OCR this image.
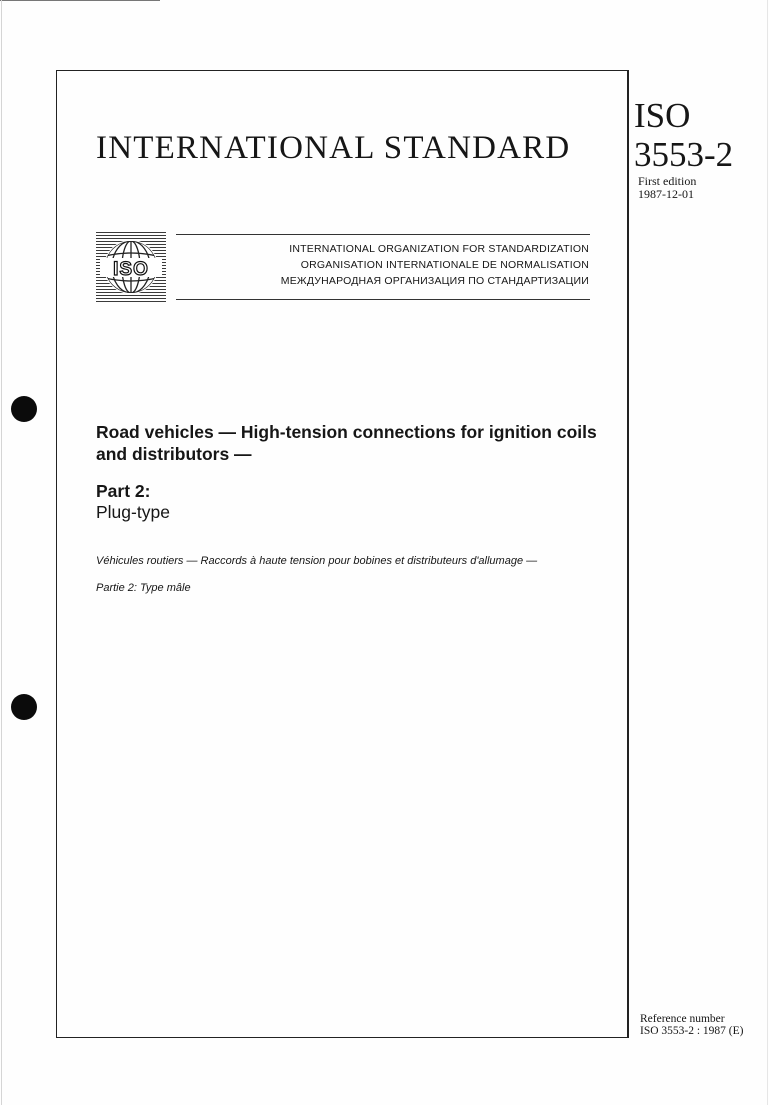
INTERNATIONAL STANDARD
ISO
3553-2
First edition
1987-12-01
ISO
INTERNATIONAL ORGANIZATION FOR STANDARDIZATION
ORGANISATION INTERNATIONALE DE NORMALISATION
МЕЖДУНАРОДНАЯ ОРГАНИЗАЦИЯ ПО СТАНДАРТИЗАЦИИ
Road vehicles — High-tension connections for ignition coils and distributors —
Part 2:
Plug-type
Véhicules routiers — Raccords à haute tension pour bobines et distributeurs d'allumage —
Partie 2: Type mâle
Reference number
ISO 3553-2 : 1987 (E)
